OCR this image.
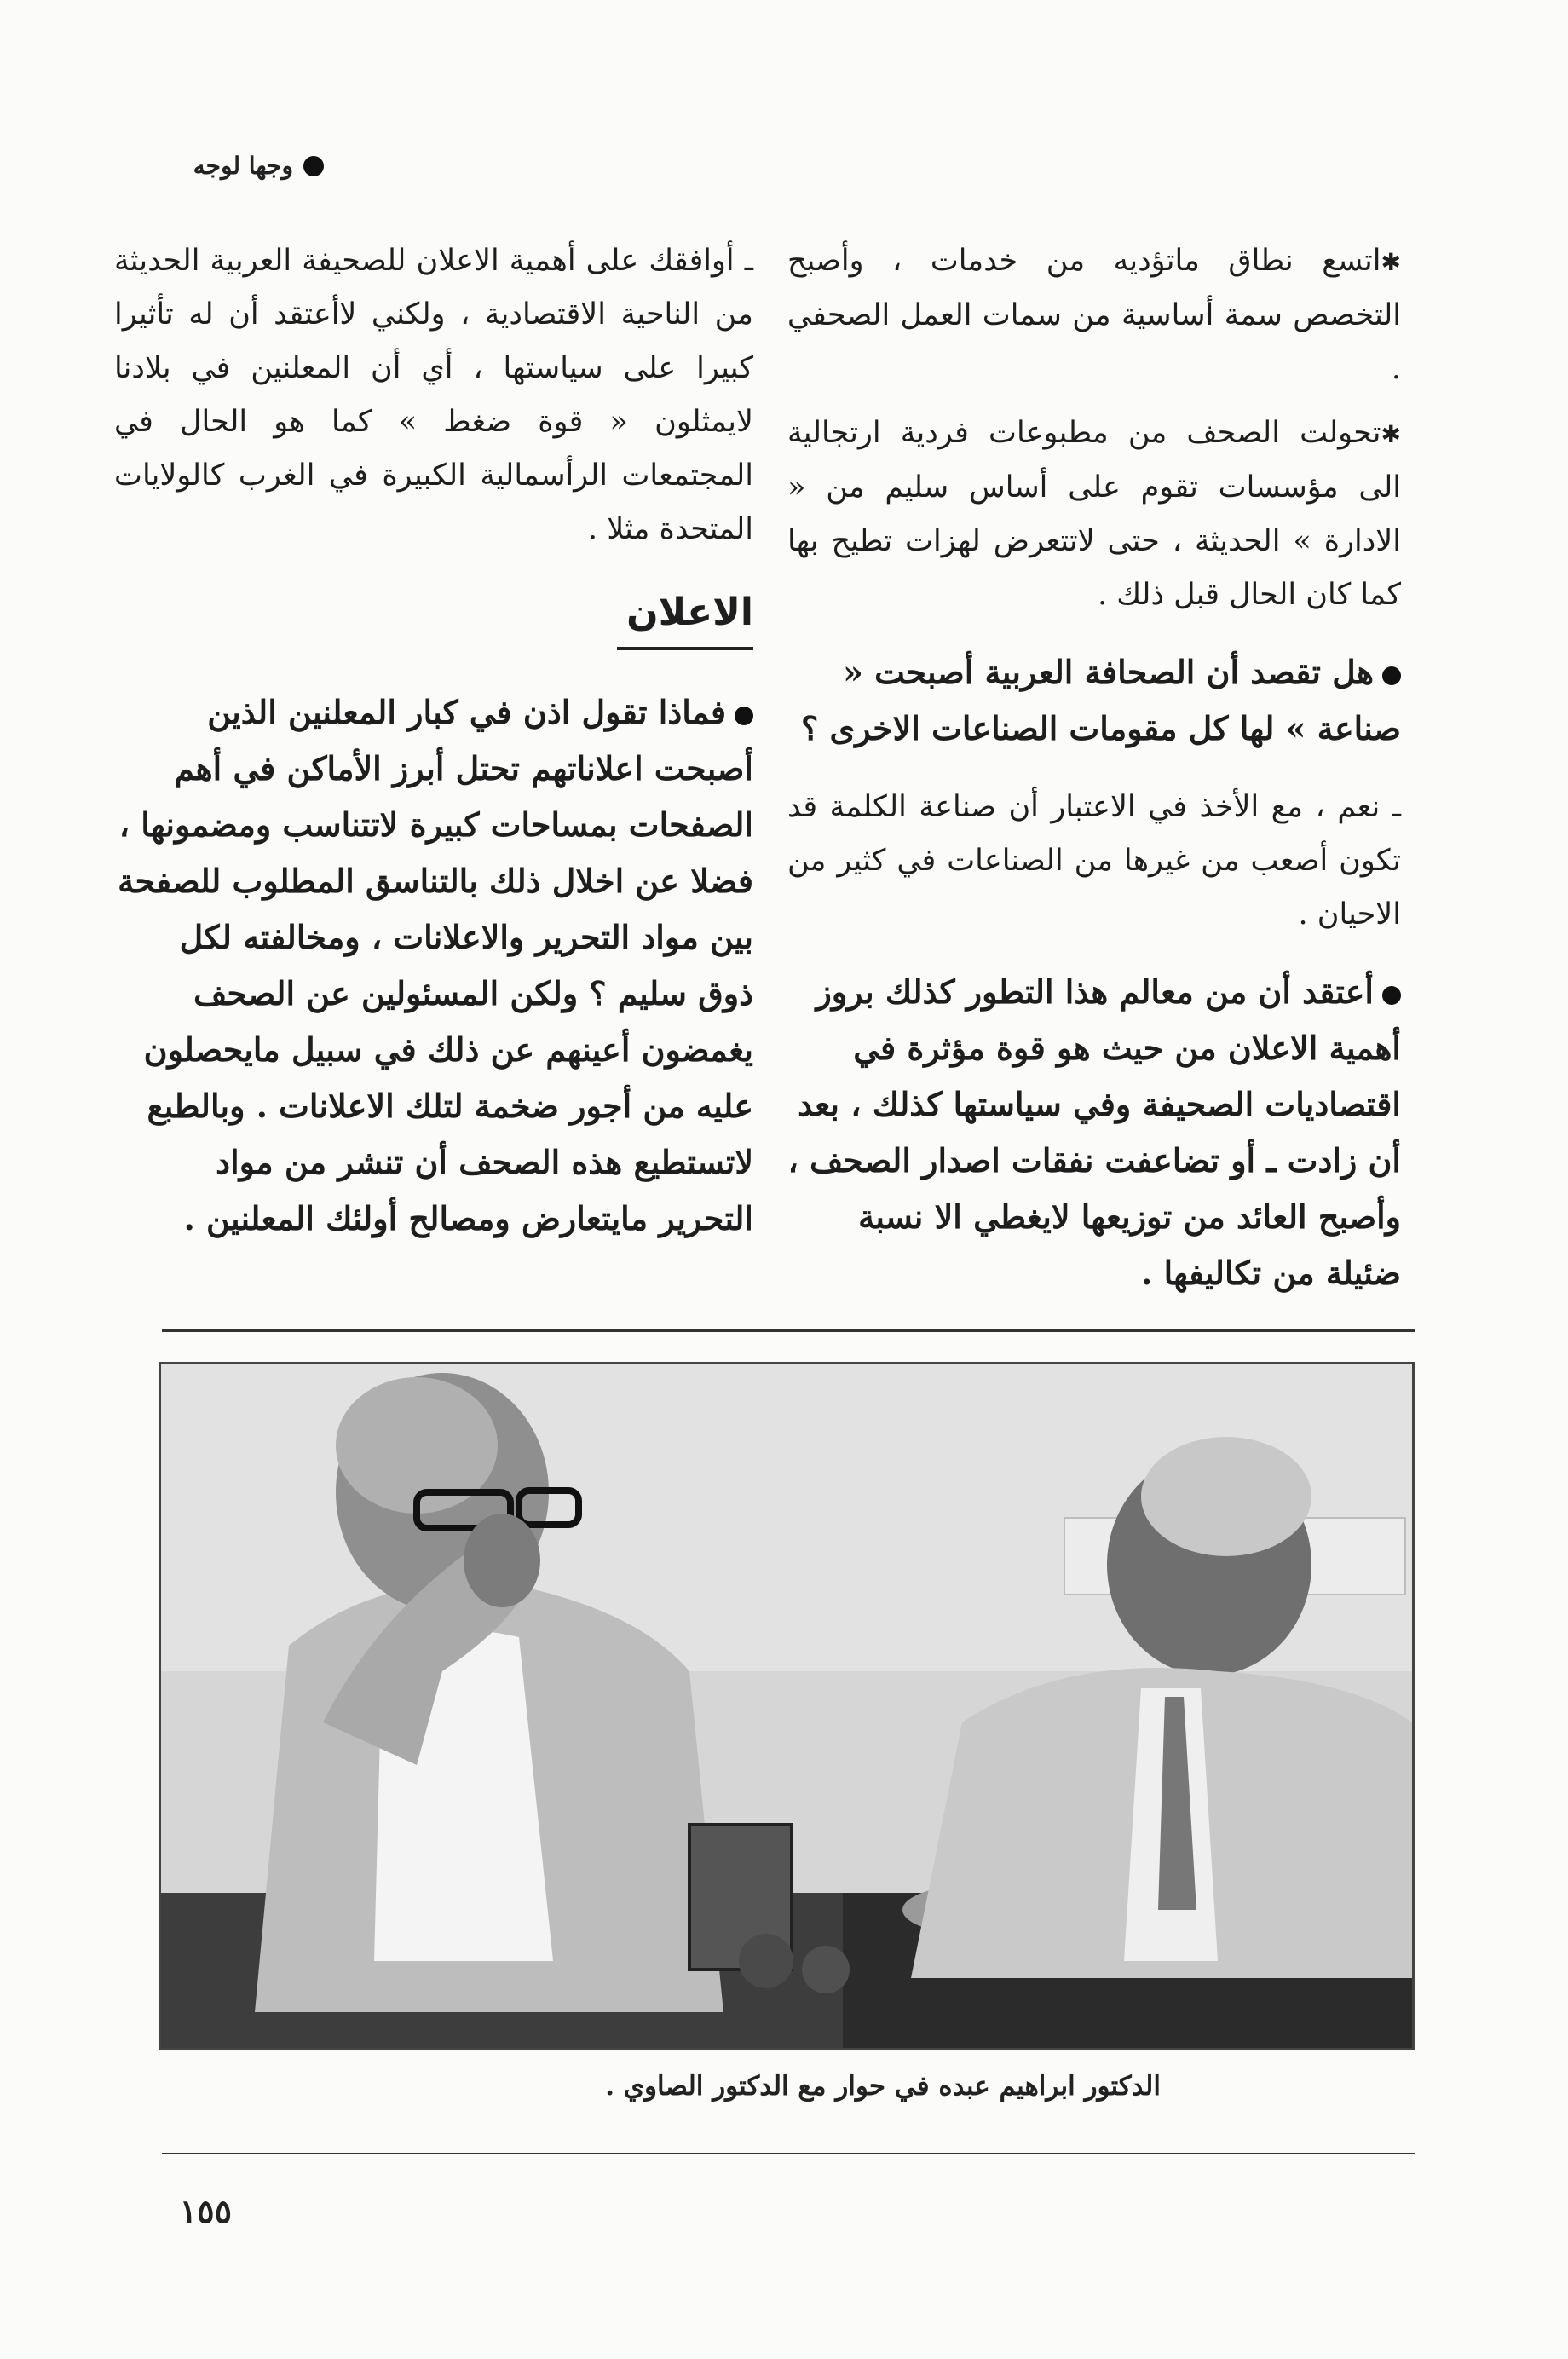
وجها لوجه

✱ اتسع نطاق ماتؤديه من خدمات ، وأصبح التخصص سمة أساسية من سمات العمل الصحفي .

✱ تحولت الصحف من مطبوعات فردية ارتجالية الى مؤسسات تقوم على أساس سليم من « الادارة » الحديثة ، حتى لاتتعرض لهزات تطيح بها كما كان الحال قبل ذلك .

هل تقصد أن الصحافة العربية أصبحت « صناعة » لها كل مقومات الصناعات الاخرى ؟

ـ نعم ، مع الأخذ في الاعتبار أن صناعة الكلمة قد تكون أصعب من غيرها من الصناعات في كثير من الاحيان .

أعتقد أن من معالم هذا التطور كذلك بروز أهمية الاعلان من حيث هو قوة مؤثرة في اقتصاديات الصحيفة وفي سياستها كذلك ، بعد أن زادت ـ أو تضاعفت نفقات اصدار الصحف ، وأصبح العائد من توزيعها لايغطي الا نسبة ضئيلة من تكاليفها .

ـ أوافقك على أهمية الاعلان للصحيفة العربية الحديثة من الناحية الاقتصادية ، ولكني لاأعتقد أن له تأثيرا كبيرا على سياستها ، أي أن المعلنين في بلادنا لايمثلون « قوة ضغط » كما هو الحال في المجتمعات الرأسمالية الكبيرة في الغرب كالولايات المتحدة مثلا .

الاعلان

فماذا تقول اذن في كبار المعلنين الذين أصبحت اعلاناتهم تحتل أبرز الأماكن في أهم الصفحات بمساحات كبيرة لاتتناسب ومضمونها ، فضلا عن اخلال ذلك بالتناسق المطلوب للصفحة بين مواد التحرير والاعلانات ، ومخالفته لكل ذوق سليم ؟ ولكن المسئولين عن الصحف يغمضون أعينهم عن ذلك في سبيل مايحصلون عليه من أجور ضخمة لتلك الاعلانات . وبالطبع لاتستطيع هذه الصحف أن تنشر من مواد التحرير مايتعارض ومصالح أولئك المعلنين .

الدكتور ابراهيم عبده في حوار مع الدكتور الصاوي .
١٥٥
